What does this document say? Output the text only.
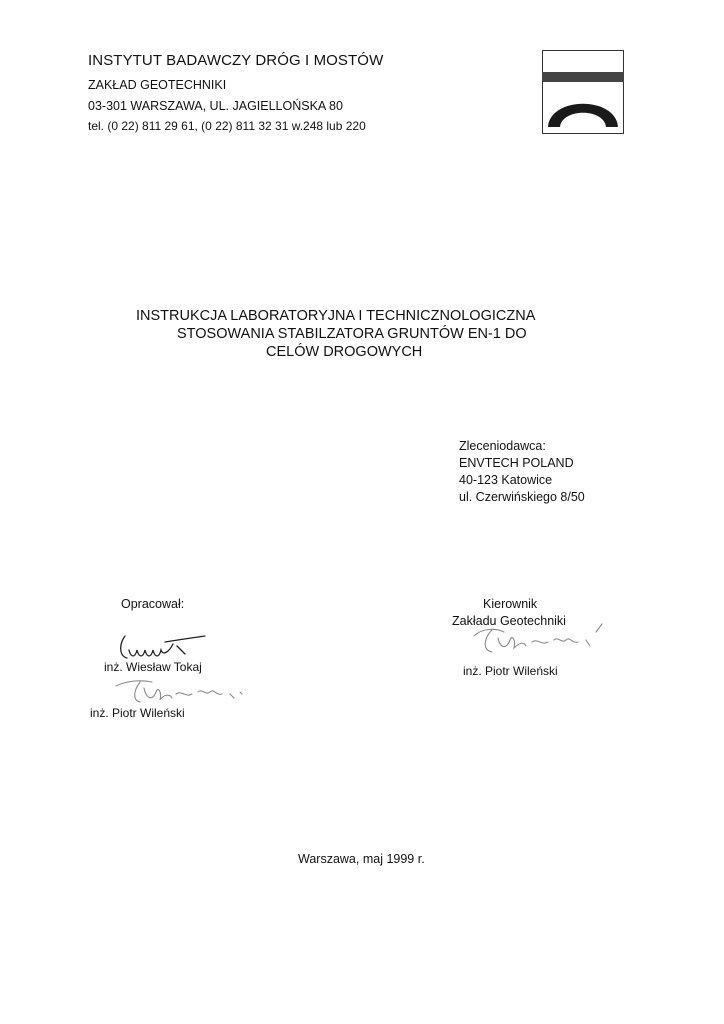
INSTYTUT BADAWCZY DRÓG I MOSTÓW
ZAKŁAD GEOTECHNIKI
03-301 WARSZAWA, UL. JAGIELLOŃSKA 80
tel. (0 22) 811 29 61, (0 22) 811 32 31 w.248 lub 220
INSTRUKCJA LABORATORYJNA I TECHNICZNOLOGICZNA
STOSOWANIA STABILZATORA GRUNTÓW EN-1 DO
CELÓW DROGOWYCH
Zleceniodawca:
ENVTECH POLAND
40-123 Katowice
ul. Czerwińskiego 8/50
Opracował:
inż. Wiesław Tokaj
inż. Piotr Wileński
Kierownik
Zakładu Geotechniki
inż. Piotr Wileński
Warszawa, maj 1999 r.
